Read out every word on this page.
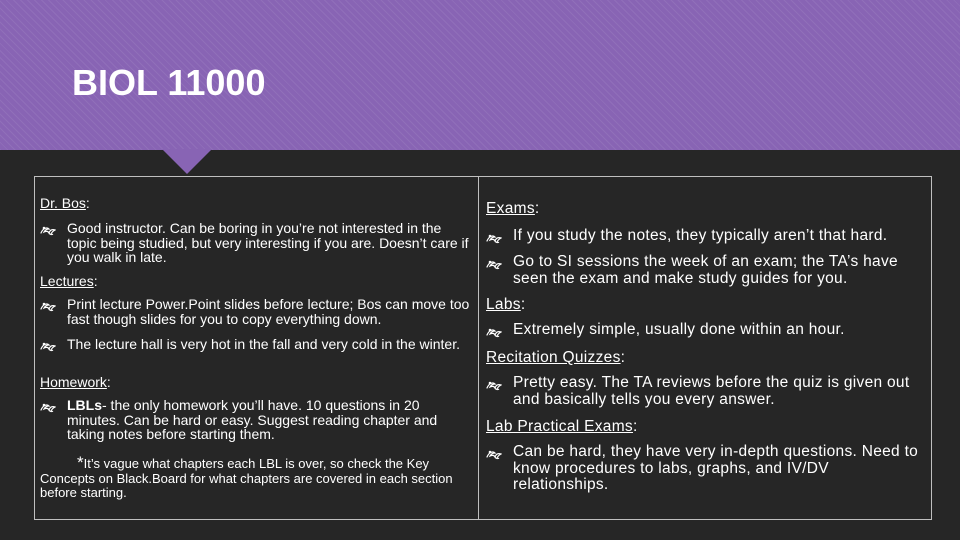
BIOL 11000
Dr. Bos:
Good instructor. Can be boring in you’re not interested in the topic being studied, but very interesting if you are. Doesn’t care if you walk in late.
Lectures:
Print lecture Power.Point slides before lecture; Bos can move too fast though slides for you to copy everything down.
The lecture hall is very hot in the fall and very cold in the winter.
Homework:
LBLs- the only homework you’ll have. 10 questions in 20 minutes. Can be hard or easy. Suggest reading chapter and taking notes before starting them.
*It’s vague what chapters each LBL is over, so check the Key Concepts on Black.Board for what chapters are covered in each section before starting.
Exams:
If you study the notes, they typically aren’t that hard.
Go to SI sessions the week of an exam; the TA’s have seen the exam and make study guides for you.
Labs:
Extremely simple, usually done within an hour.
Recitation Quizzes:
Pretty easy. The TA reviews before the quiz is given out and basically tells you every answer.
Lab Practical Exams:
Can be hard, they have very in-depth questions. Need to know procedures to labs, graphs, and IV/DV relationships.
